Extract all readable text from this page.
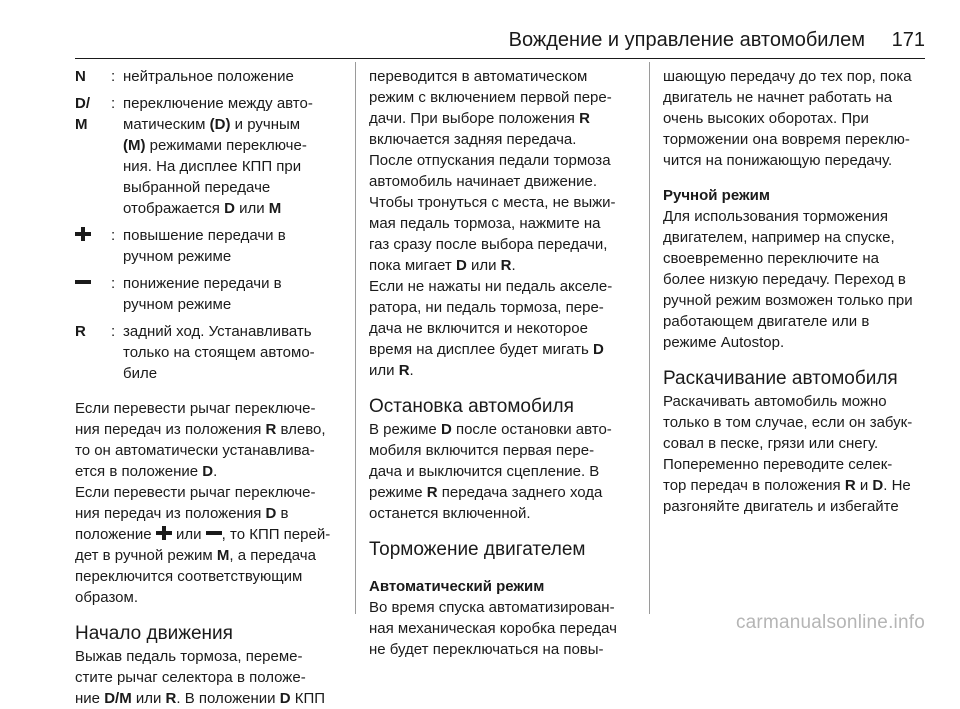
Вождение и управление автомобилем 171
N	: нейтральное положение
D/
M
: переключение между авто-
матическим (D) и ручным
(M) режимами переключе-
ния. На дисплее КПП при
выбранной передаче
отображается D или M
: повышение передачи в
ручном режиме
: понижение передачи в
ручном режиме
R	: задний ход. Устанавливать
только на стоящем автомо-
биле

Если перевести рычаг переключе-
ния передач из положения R влево,
то он автоматически устанавлива-
ется в положение D.

Если перевести рычаг переключе-
ния передач из положения D в
положение или , то КПП перей-
дет в ручной режим M, а передача
переключится соответствующим
образом.

Начало движения

Выжав педаль тормоза, переме-
стите рычаг селектора в положе-
ние D/M или R. В положении D КПП

переводится в автоматическом
режим с включением первой пере-
дачи. При выборе положения R
включается задняя передача.

После отпускания педали тормоза
автомобиль начинает движение.

Чтобы тронуться с места, не выжи-
мая педаль тормоза, нажмите на
газ сразу после выбора передачи,
пока мигает D или R.

Если не нажаты ни педаль акселе-
ратора, ни педаль тормоза, пере-
дача не включится и некоторое
время на дисплее будет мигать D
или R.

Остановка автомобиля

В режиме D после остановки авто-
мобиля включится первая пере-
дача и выключится сцепление. В
режиме R передача заднего хода
останется включенной.

Торможение двигателем

Автоматический режим

Во время спуска автоматизирован-
ная механическая коробка передач
не будет переключаться на повы-

шающую передачу до тех пор, пока
двигатель не начнет работать на
очень высоких оборотах. При
торможении она вовремя переклю-
чится на понижающую передачу.

Ручной режим

Для использования торможения
двигателем, например на спуске,
своевременно переключите на
более низкую передачу. Переход в
ручной режим возможен только при
работающем двигателе или в
режиме Autostop.

Раскачивание автомобиля

Раскачивать автомобиль можно
только в том случае, если он забук-
совал в песке, грязи или снегу.
Попеременно переводите селек-
тор передач в положения R и D. Не
разгоняйте двигатель и избегайте

carmanualsonline.info
